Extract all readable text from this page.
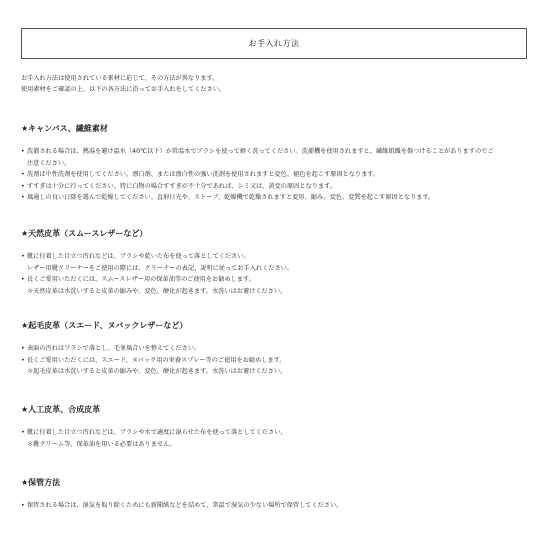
お手入れ方法

お手入れ方法は使用されている素材に応じて、その方法が異なります。

使用素材をご確認の上、以下の各方法に沿ってお手入れをしてください。

★キャンバス、繊維素材
• 洗濯される場合は、熱湯を避け温水（40℃以下）か常温水でブラシを使って軽く洗ってください。洗濯機を使用されますと、繊維組織を傷つけることがありますのでご
注意ください。
• 洗剤は中性洗剤を使用してください。漂白剤、または漂白性の強い洗剤を使用されますと変色、褪色を起こす原因となります。
• すすぎは十分に行ってください。特に白物の場合すすぎが不十分であれば、シミ又は、黄変の原因となります。
• 風通しの良い日陰を選んで乾燥してください。直射日光や、ストーブ、乾燥機で乾燥されますと変形、縮み、変色、変質を起こす原因となります。
★天然皮革（スムースレザーなど）
• 靴に付着した目立つ汚れなどは、ブラシや乾いた布を使って落としてください。
レザー用靴クリーナーをご使用の際には、クリーナーの表記、説明に従ってお手入れください。
• 長くご愛用いただくには、スムースレザー用の保革油等のご使用をお勧めします。
＊天然皮革は水洗いすると皮革の縮みや、変色、硬化が起きます。水洗いはお避けください。
★起毛皮革（スエード、ヌバックレザーなど）
• 表面の汚れはブラシで落とし、毛並風合いを整えてください。
• 長くご愛用いただくには、スエード、ヌバック用の栄養スプレー等のご使用をお勧めします。
＊起毛皮革は水洗いすると皮革の縮みや、変色、硬化が起きます。水洗いはお避けください。
★人工皮革、合成皮革
• 靴に付着した目立つ汚れなどは、ブラシや水で適度に湿らせた布を使って落としてください。
＊靴クリーム等、保革油を用いる必要はありません。
★保管方法
• 保管される場合は、湿気を取り除くためにも新聞紙などを詰めて、常温で湿気の少ない場所で保管してください。
